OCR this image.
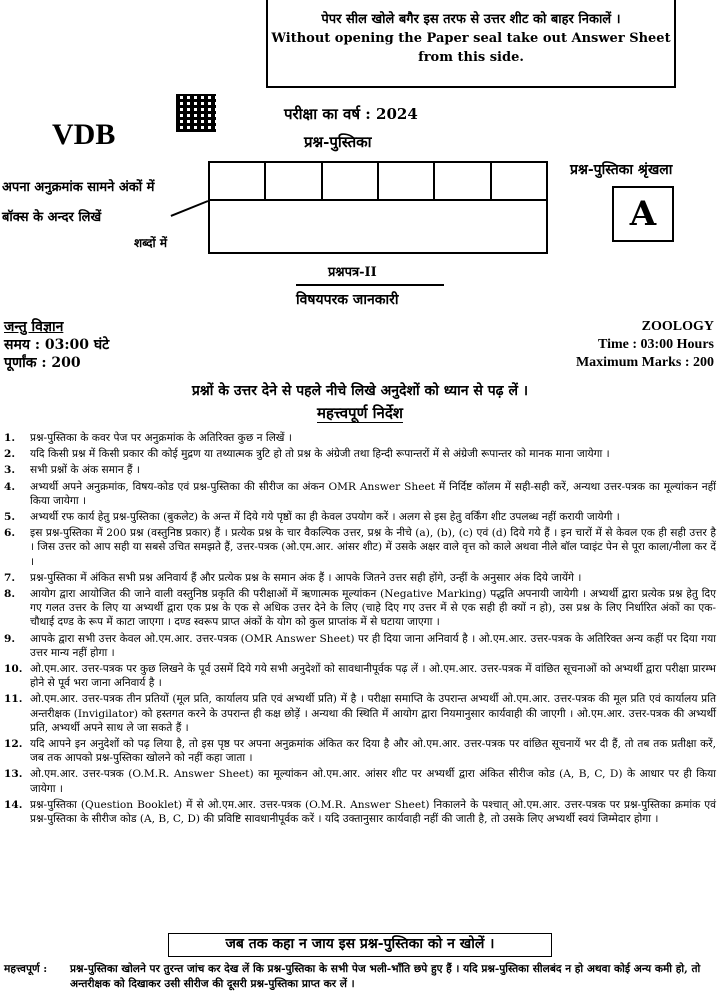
पेपर सील खोले बगैर इस तरफ से उत्तर शीट को बाहर निकालें ।
Without opening the Paper seal take out Answer Sheet
from this side.
VDB
परीक्षा का वर्ष : 2024
प्रश्न-पुस्तिका
अपना अनुक्रमांक सामने अंकों में
बॉक्स के अन्दर लिखें
शब्दों में
प्रश्न-पुस्तिका श्रृंखला
A
प्रश्नपत्र-II
विषयपरक जानकारी
जन्तु विज्ञान
समय : 03:00 घंटे
पूर्णांक : 200
ZOOLOGY
Time : 03:00 Hours
Maximum Marks : 200
प्रश्नों के उत्तर देने से पहले नीचे लिखे अनुदेशों को ध्यान से पढ़ लें ।
महत्त्वपूर्ण निर्देश
1.	प्रश्न-पुस्तिका के कवर पेज पर अनुक्रमांक के अतिरिक्त कुछ न लिखें ।
2.	यदि किसी प्रश्न में किसी प्रकार की कोई मुद्रण या तथ्यात्मक त्रुटि हो तो प्रश्न के अंग्रेजी तथा हिन्दी रूपान्तरों में से अंग्रेजी रूपान्तर को मानक माना जायेगा ।
3.	सभी प्रश्नों के अंक समान हैं ।
4.	अभ्यर्थी अपने अनुक्रमांक, विषय-कोड एवं प्रश्न-पुस्तिका की सीरीज का अंकन OMR Answer Sheet में निर्दिष्ट कॉलम में सही-सही करें, अन्यथा उत्तर-पत्रक का मूल्यांकन नहीं किया जायेगा ।
5.	अभ्यर्थी रफ कार्य हेतु प्रश्न-पुस्तिका (बुकलेट) के अन्त में दिये गये पृष्ठों का ही केवल उपयोग करें । अलग से इस हेतु वर्किंग शीट उपलब्ध नहीं करायी जायेगी ।
6.	इस प्रश्न-पुस्तिका में 200 प्रश्न (वस्तुनिष्ठ प्रकार) हैं । प्रत्येक प्रश्न के चार वैकल्पिक उत्तर, प्रश्न के नीचे (a), (b), (c) एवं (d) दिये गये हैं । इन चारों में से केवल एक ही सही उत्तर है । जिस उत्तर को आप सही या सबसे उचित समझते हैं, उत्तर-पत्रक (ओ.एम.आर. आंसर शीट) में उसके अक्षर वाले वृत्त को काले अथवा नीले बॉल प्वाइंट पेन से पूरा काला/नीला कर दें ।
7.	प्रश्न-पुस्तिका में अंकित सभी प्रश्न अनिवार्य हैं और प्रत्येक प्रश्न के समान अंक हैं । आपके जितने उत्तर सही होंगे, उन्हीं के अनुसार अंक दिये जायेंगे ।
8.	आयोग द्वारा आयोजित की जाने वाली वस्तुनिष्ठ प्रकृति की परीक्षाओं में ऋणात्मक मूल्यांकन (Negative Marking) पद्धति अपनायी जायेगी । अभ्यर्थी द्वारा प्रत्येक प्रश्न हेतु दिए गए गलत उत्तर के लिए या अभ्यर्थी द्वारा एक प्रश्न के एक से अधिक उत्तर देने के लिए (चाहे दिए गए उत्तर में से एक सही ही क्यों न हो), उस प्रश्न के लिए निर्धारित अंकों का एक-चौथाई दण्ड के रूप में काटा जाएगा । दण्ड स्वरूप प्राप्त अंकों के योग को कुल प्राप्तांक में से घटाया जाएगा ।
9.	आपके द्वारा सभी उत्तर केवल ओ.एम.आर. उत्तर-पत्रक (OMR Answer Sheet) पर ही दिया जाना अनिवार्य है । ओ.एम.आर. उत्तर-पत्रक के अतिरिक्त अन्य कहीं पर दिया गया उत्तर मान्य नहीं होगा ।
10. ओ.एम.आर. उत्तर-पत्रक पर कुछ लिखने के पूर्व उसमें दिये गये सभी अनुदेशों को सावधानीपूर्वक पढ़ लें । ओ.एम.आर. उत्तर-पत्रक में वांछित सूचनाओं को अभ्यर्थी द्वारा परीक्षा प्रारम्भ होने से पूर्व भरा जाना अनिवार्य है ।
11. ओ.एम.आर. उत्तर-पत्रक तीन प्रतियों (मूल प्रति, कार्यालय प्रति एवं अभ्यर्थी प्रति) में है । परीक्षा समाप्ति के उपरान्त अभ्यर्थी ओ.एम.आर. उत्तर-पत्रक की मूल प्रति एवं कार्यालय प्रति अन्तरीक्षक (Invigilator) को हस्तगत करने के उपरान्त ही कक्ष छोड़ें । अन्यथा की स्थिति में आयोग द्वारा नियमानुसार कार्यवाही की जाएगी । ओ.एम.आर. उत्तर-पत्रक की अभ्यर्थी प्रति, अभ्यर्थी अपने साथ ले जा सकते हैं ।
12. यदि आपने इन अनुदेशों को पढ़ लिया है, तो इस पृष्ठ पर अपना अनुक्रमांक अंकित कर दिया है और ओ.एम.आर. उत्तर-पत्रक पर वांछित सूचनायें भर दी हैं, तो तब तक प्रतीक्षा करें, जब तक आपको प्रश्न-पुस्तिका खोलने को नहीं कहा जाता ।
13. ओ.एम.आर. उत्तर-पत्रक (O.M.R. Answer Sheet) का मूल्यांकन ओ.एम.आर. आंसर शीट पर अभ्यर्थी द्वारा अंकित सीरीज कोड (A, B, C, D) के आधार पर ही किया जायेगा ।
14. प्रश्न-पुस्तिका (Question Booklet) में से ओ.एम.आर. उत्तर-पत्रक (O.M.R. Answer Sheet) निकालने के पश्चात् ओ.एम.आर. उत्तर-पत्रक पर प्रश्न-पुस्तिका क्रमांक एवं प्रश्न-पुस्तिका के सीरीज कोड (A, B, C, D) की प्रविष्टि सावधानीपूर्वक करें । यदि उक्तानुसार कार्यवाही नहीं की जाती है, तो उसके लिए अभ्यर्थी स्वयं जिम्मेदार होगा ।
जब तक कहा न जाय इस प्रश्न-पुस्तिका को न खोलें ।
महत्त्वपूर्ण :	प्रश्न-पुस्तिका खोलने पर तुरन्त जांच कर देख लें कि प्रश्न-पुस्तिका के सभी पेज भली-भाँति छपे हुए हैं । यदि प्रश्न-पुस्तिका सीलबंद न हो अथवा कोई अन्य कमी हो, तो अन्तरीक्षक को दिखाकर उसी सीरीज की दूसरी प्रश्न-पुस्तिका प्राप्त कर लें ।
